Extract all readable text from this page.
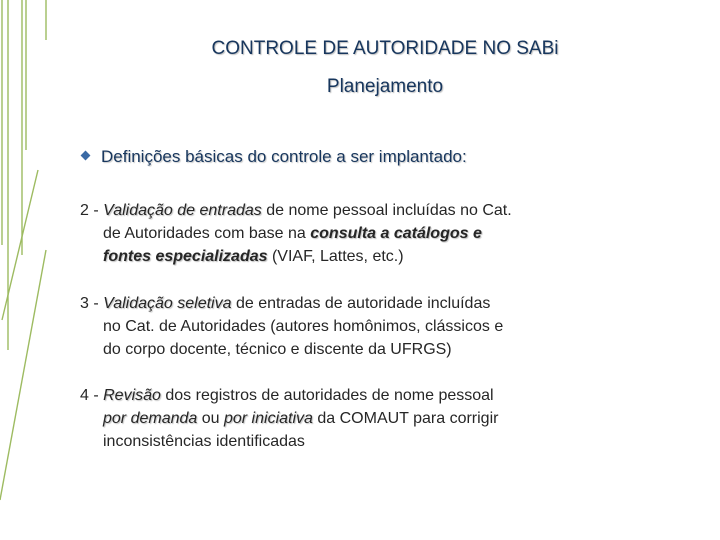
CONTROLE DE AUTORIDADE NO SABi
Planejamento
Definições básicas do controle a ser implantado:
2 - Validação de entradas de nome pessoal incluídas no Cat.
de Autoridades com base na consulta a catálogos e
fontes especializadas (VIAF, Lattes, etc.)
3 - Validação seletiva de entradas de autoridade incluídas
no Cat. de Autoridades (autores homônimos, clássicos e
do corpo docente, técnico e discente da UFRGS)
4 - Revisão dos registros de autoridades de nome pessoal
por demanda ou por iniciativa da COMAUT para corrigir
inconsistências identificadas
